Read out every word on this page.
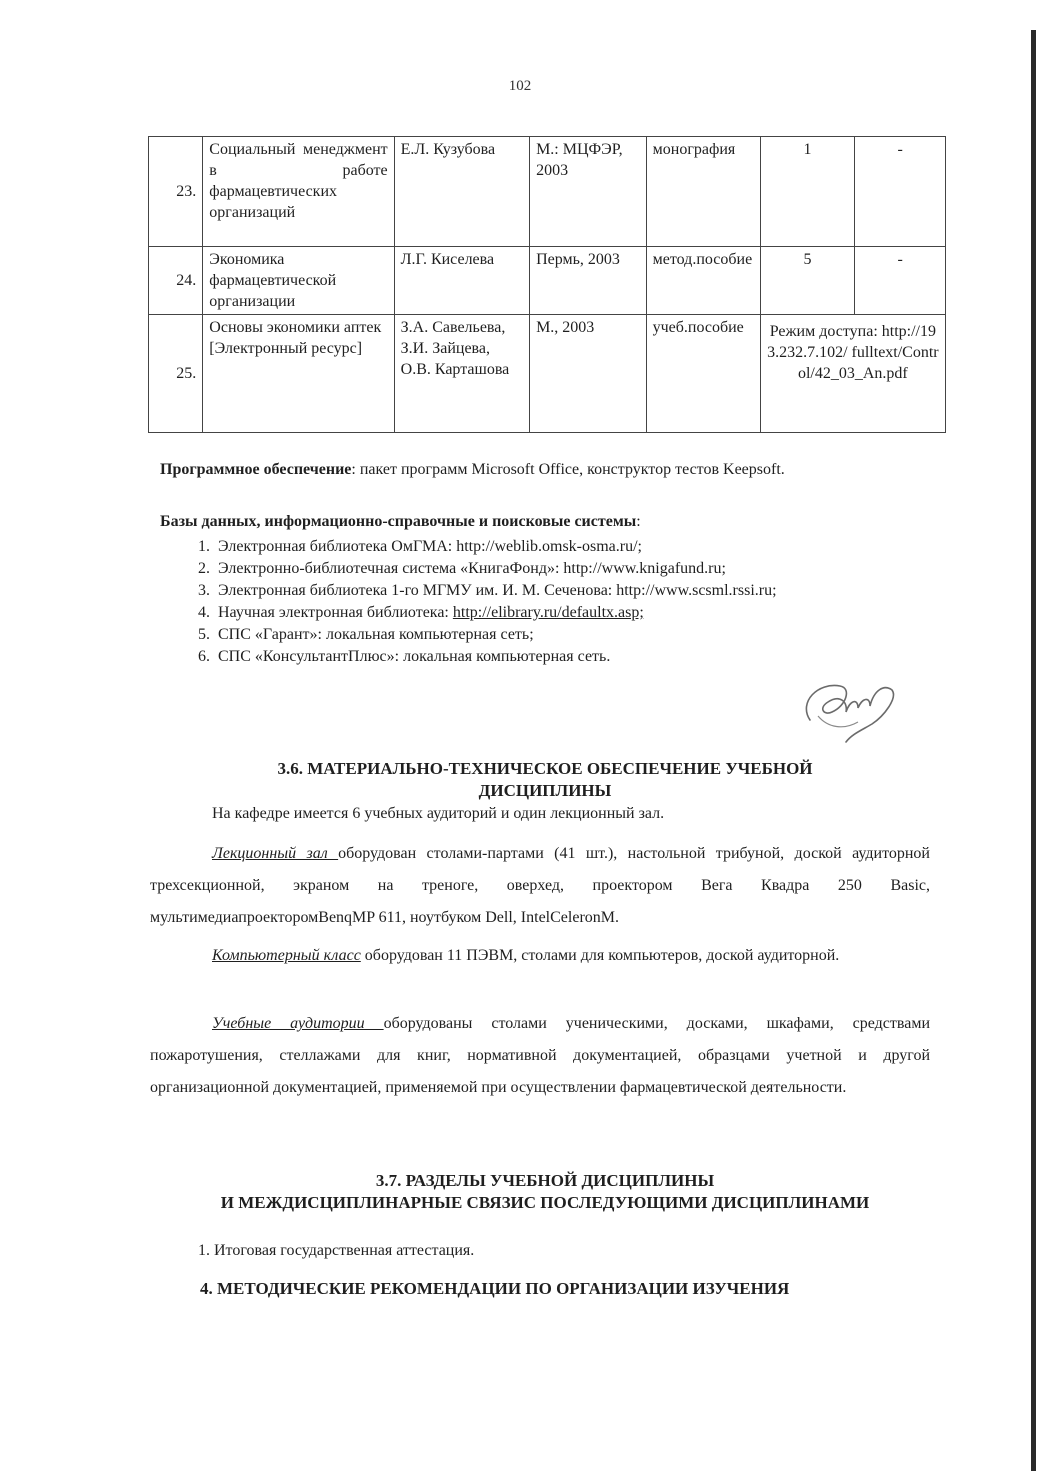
102
23.	Социальный менеджмент в работе фармацевтических организаций	Е.Л. Кузубова	М.: МЦФЭР, 2003	монография	1	-
24.	Экономика фармацевтической организации	Л.Г. Киселева	Пермь, 2003	метод.пособие	5	-
25.	Основы экономики аптек [Электронный ресурс]	З.А. Савельева, З.И. Зайцева, О.В. Карташова	М., 2003	учеб.пособие	Режим доступа: http://193.232.7.102/ fulltext/Control/42_03_An.pdf	
Программное обеспечение: пакет программ Microsoft Office, конструктор тестов Keepsoft.
Базы данных, информационно-справочные и поисковые системы:
1. Электронная библиотека ОмГМА: http://weblib.omsk-osma.ru/;
2. Электронно-библиотечная система «КнигаФонд»: http://www.knigafund.ru;
3. Электронная библиотека 1-го МГМУ им. И. М. Сеченова: http://www.scsml.rssi.ru;
4. Научная электронная библиотека: http://elibrary.ru/defaultx.asp;
5. СПС «Гарант»: локальная компьютерная сеть;
6. СПС «КонсультантПлюс»: локальная компьютерная сеть.
3.6. МАТЕРИАЛЬНО-ТЕХНИЧЕСКОЕ ОБЕСПЕЧЕНИЕ УЧЕБНОЙ
ДИСЦИПЛИНЫ
На кафедре имеется 6 учебных аудиторий и один лекционный зал.
Лекционный зал оборудован столами-партами (41 шт.), настольной трибуной, доской аудиторной трехсекционной, экраном на треноге, оверхед, проектором Вега Квадра 250 Basic, мультимедиапроекторомBenqMP 611, ноутбуком Dell, IntelCeleronM.
Компьютерный класс оборудован 11 ПЭВМ, столами для компьютеров, доской аудиторной.
Учебные аудитории оборудованы столами ученическими, досками, шкафами, средствами пожаротушения, стеллажами для книг, нормативной документацией, образцами учетной и другой организационной документацией, применяемой при осуществлении фармацевтической деятельности.
3.7. РАЗДЕЛЫ УЧЕБНОЙ ДИСЦИПЛИНЫ
И МЕЖДИСЦИПЛИНАРНЫЕ СВЯЗИС ПОСЛЕДУЮЩИМИ ДИСЦИПЛИНАМИ
1. Итоговая государственная аттестация.
4. МЕТОДИЧЕСКИЕ РЕКОМЕНДАЦИИ ПО ОРГАНИЗАЦИИ ИЗУЧЕНИЯ
